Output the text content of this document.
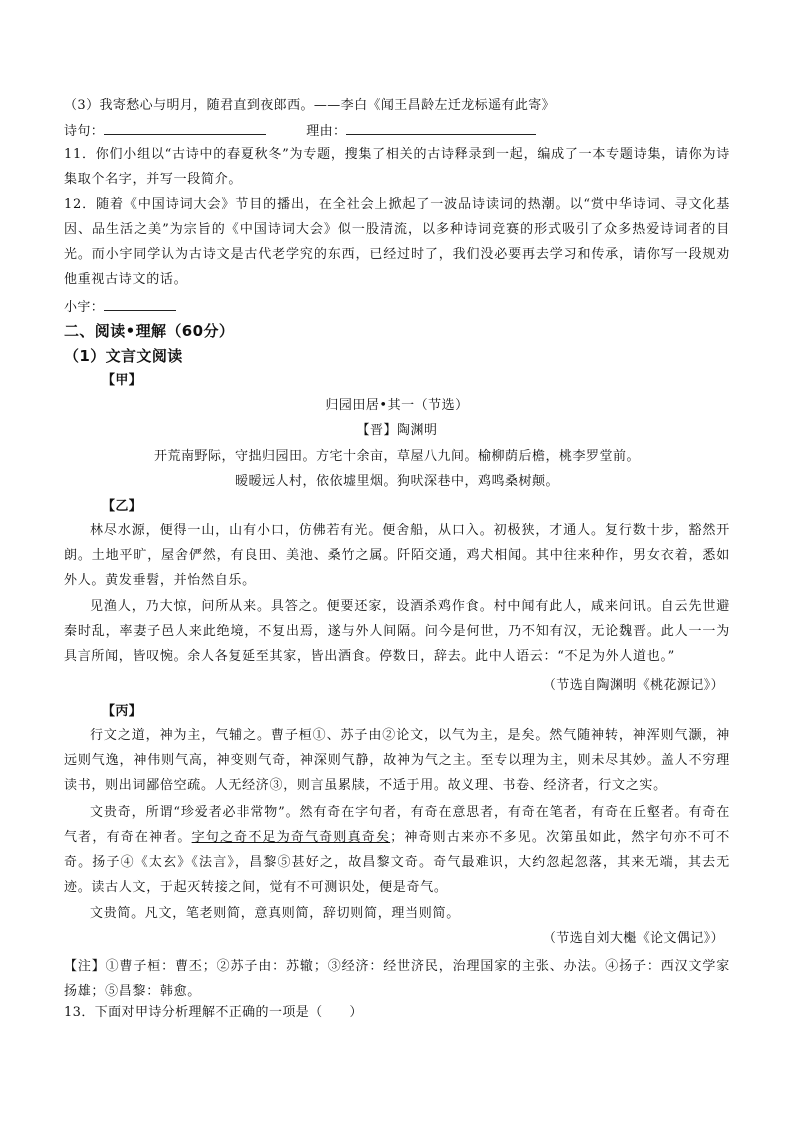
（3）我寄愁心与明月，随君直到夜郎西。——李白《闻王昌龄左迁龙标遥有此寄》
诗句：	理由：
11．你们小组以“古诗中的春夏秋冬”为专题，搜集了相关的古诗释录到一起，编成了一本专题诗集，请你为诗集取个名字，并写一段简介。
12．随着《中国诗词大会》节目的播出，在全社会上掀起了一波品诗读词的热潮。以“赏中华诗词、寻文化基因、品生活之美”为宗旨的《中国诗词大会》似一股清流，以多种诗词竞赛的形式吸引了众多热爱诗词者的目光。而小宇同学认为古诗文是古代老学究的东西，已经过时了，我们没必要再去学习和传承，请你写一段规劝他重视古诗文的话。
小宇：
二、阅读•理解（60分）
（1）文言文阅读
【甲】
归园田居•其一（节选）
【晋】陶渊明
开荒南野际，守拙归园田。方宅十余亩，草屋八九间。榆柳荫后檐，桃李罗堂前。
暧暧远人村，依依墟里烟。狗吠深巷中，鸡鸣桑树颠。
【乙】
林尽水源，便得一山，山有小口，仿佛若有光。便舍船，从口入。初极狭，才通人。复行数十步，豁然开朗。土地平旷，屋舍俨然，有良田、美池、桑竹之属。阡陌交通，鸡犬相闻。其中往来种作，男女衣着，悉如外人。黄发垂髫，并怡然自乐。
见渔人，乃大惊，问所从来。具答之。便要还家，设酒杀鸡作食。村中闻有此人，咸来问讯。自云先世避秦时乱，率妻子邑人来此绝境，不复出焉，遂与外人间隔。问今是何世，乃不知有汉，无论魏晋。此人一一为具言所闻，皆叹惋。余人各复延至其家，皆出酒食。停数日，辞去。此中人语云：“不足为外人道也。”
（节选自陶渊明《桃花源记》）
【丙】
行文之道，神为主，气辅之。曹子桓①、苏子由②论文，以气为主，是矣。然气随神转，神浑则气灏，神远则气逸，神伟则气高，神变则气奇，神深则气静，故神为气之主。至专以理为主，则未尽其妙。盖人不穷理读书，则出词鄙倍空疏。人无经济③，则言虽累牍，不适于用。故义理、书卷、经济者，行文之实。
文贵奇，所谓“珍爱者必非常物”。然有奇在字句者，有奇在意思者，有奇在笔者，有奇在丘壑者。有奇在气者，有奇在神者。字句之奇不足为奇气奇则真奇矣；神奇则古来亦不多见。次第虽如此，然字句亦不可不奇。扬子④《太玄》《法言》，昌黎⑤甚好之，故昌黎文奇。奇气最难识，大约忽起忽落，其来无端，其去无迹。读古人文，于起灭转接之间，觉有不可测识处，便是奇气。
文贵简。凡文，笔老则简，意真则简，辞切则简，理当则简。
（节选自刘大櫆《论文偶记》）
【注】①曹子桓：曹丕；②苏子由：苏辙；③经济：经世济民，治理国家的主张、办法。④扬子：西汉文学家扬雄；⑤昌黎：韩愈。
13．下面对甲诗分析理解不正确的一项是（　　）
